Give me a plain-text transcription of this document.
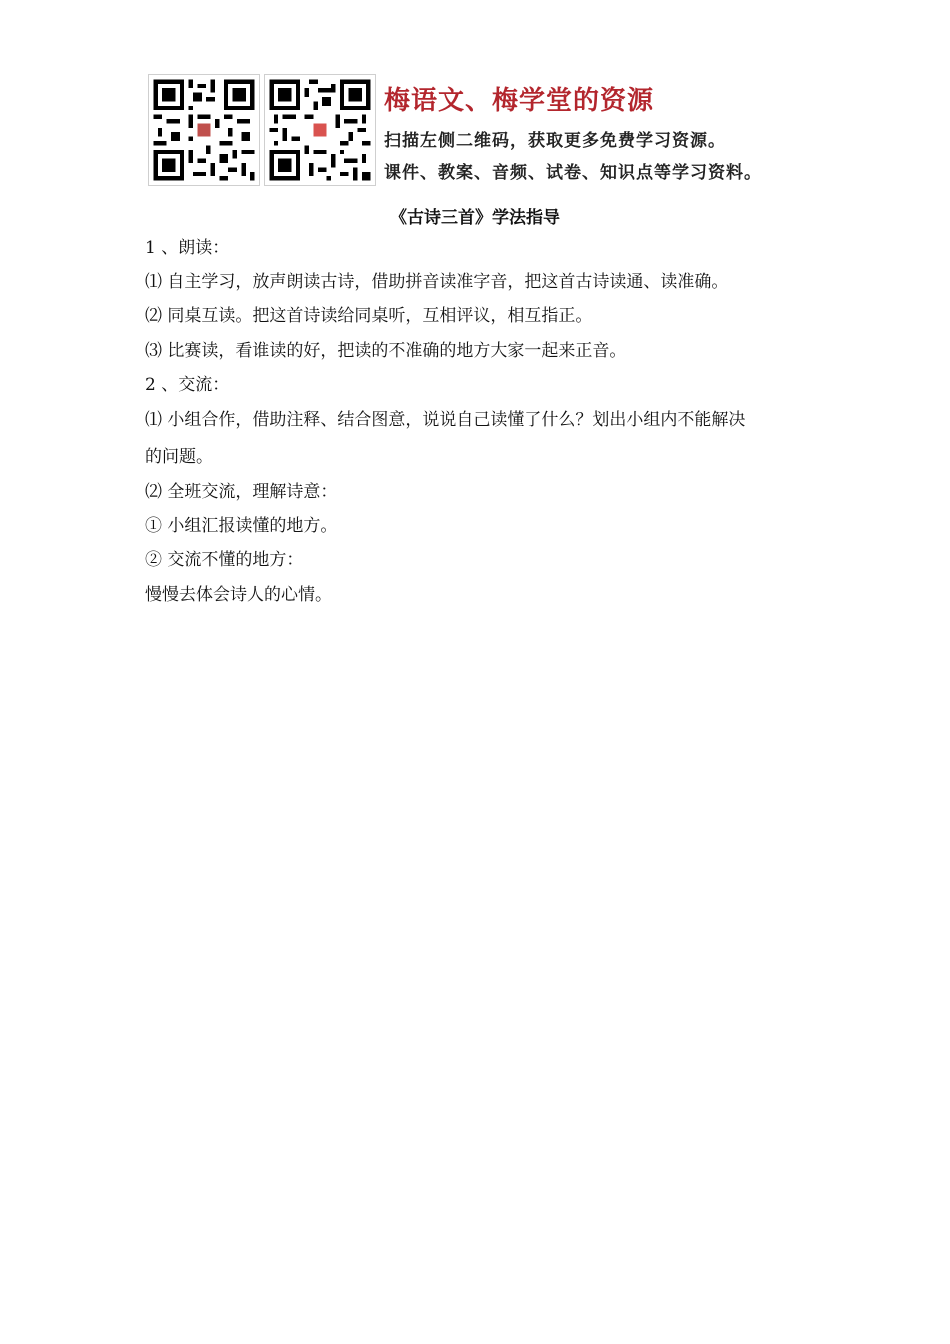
梅语文、梅学堂的资源
扫描左侧二维码，获取更多免费学习资源。
课件、教案、音频、试卷、知识点等学习资料。
《古诗三首》学法指导
1 、朗读：
⑴ 自主学习，放声朗读古诗，借助拼音读准字音，把这首古诗读通、读准确。
⑵ 同桌互读。把这首诗读给同桌听，互相评议，相互指正。
⑶ 比赛读，看谁读的好，把读的不准确的地方大家一起来正音。
2 、交流：
⑴ 小组合作，借助注释、结合图意，说说自己读懂了什么？划出小组内不能解决
的问题。
⑵ 全班交流，理解诗意：
① 小组汇报读懂的地方。
② 交流不懂的地方：
慢慢去体会诗人的心情。
